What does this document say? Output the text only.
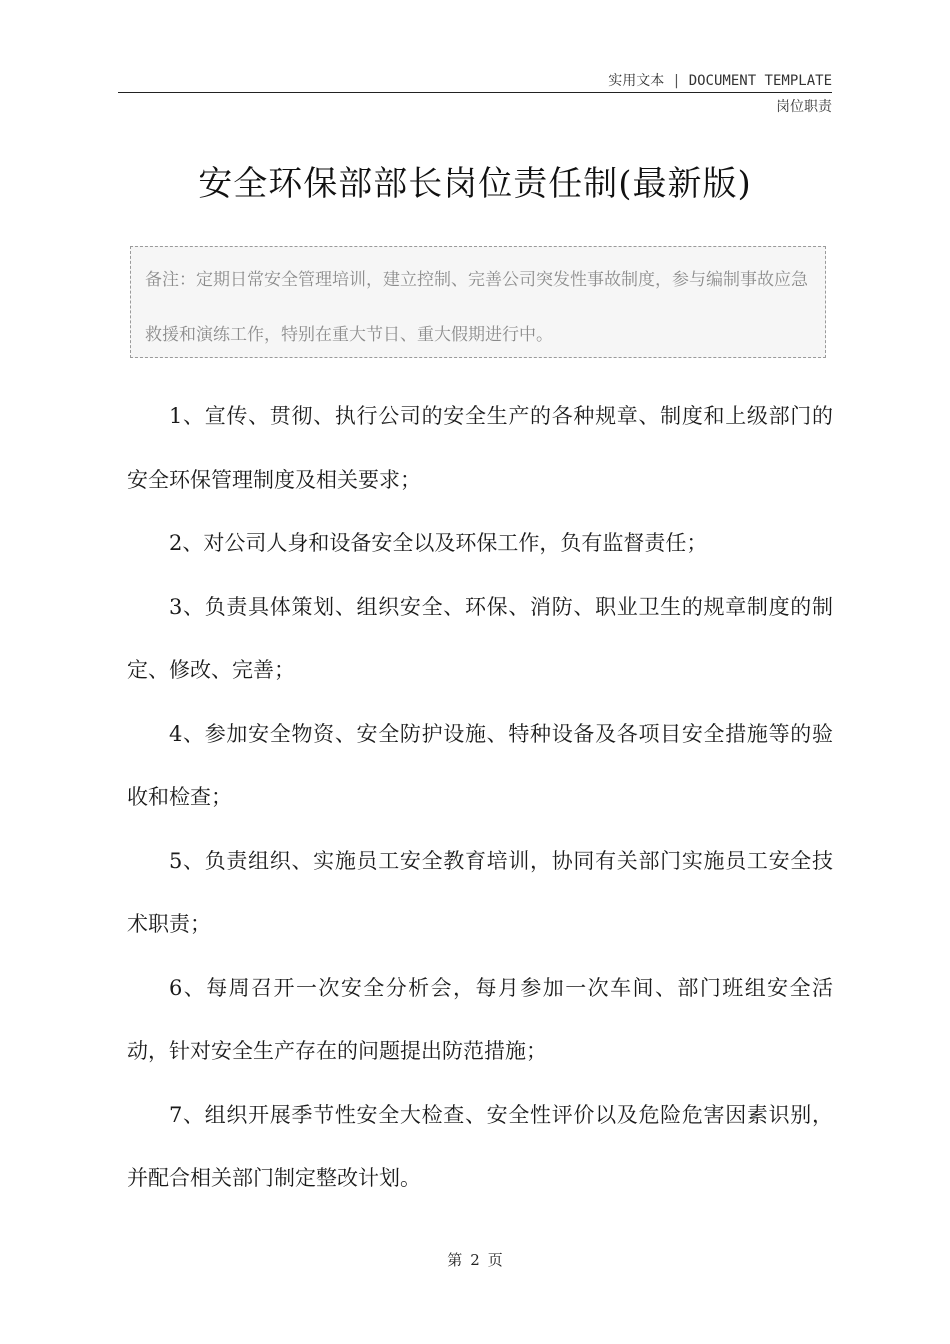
实用文本 | DOCUMENT TEMPLATE
岗位职责
安全环保部部长岗位责任制(最新版)
备注：定期日常安全管理培训，建立控制、完善公司突发性事故制度，参与编制事故应急救援和演练工作，特别在重大节日、重大假期进行中。

1、宣传、贯彻、执行公司的安全生产的各种规章、制度和上级部门的安全环保管理制度及相关要求；

2、对公司人身和设备安全以及环保工作，负有监督责任；

3、负责具体策划、组织安全、环保、消防、职业卫生的规章制度的制定、修改、完善；

4、参加安全物资、安全防护设施、特种设备及各项目安全措施等的验收和检查；

5、负责组织、实施员工安全教育培训，协同有关部门实施员工安全技术职责；

6、每周召开一次安全分析会，每月参加一次车间、部门班组安全活动，针对安全生产存在的问题提出防范措施；

7、组织开展季节性安全大检查、安全性评价以及危险危害因素识别，并配合相关部门制定整改计划。

第 2 页
